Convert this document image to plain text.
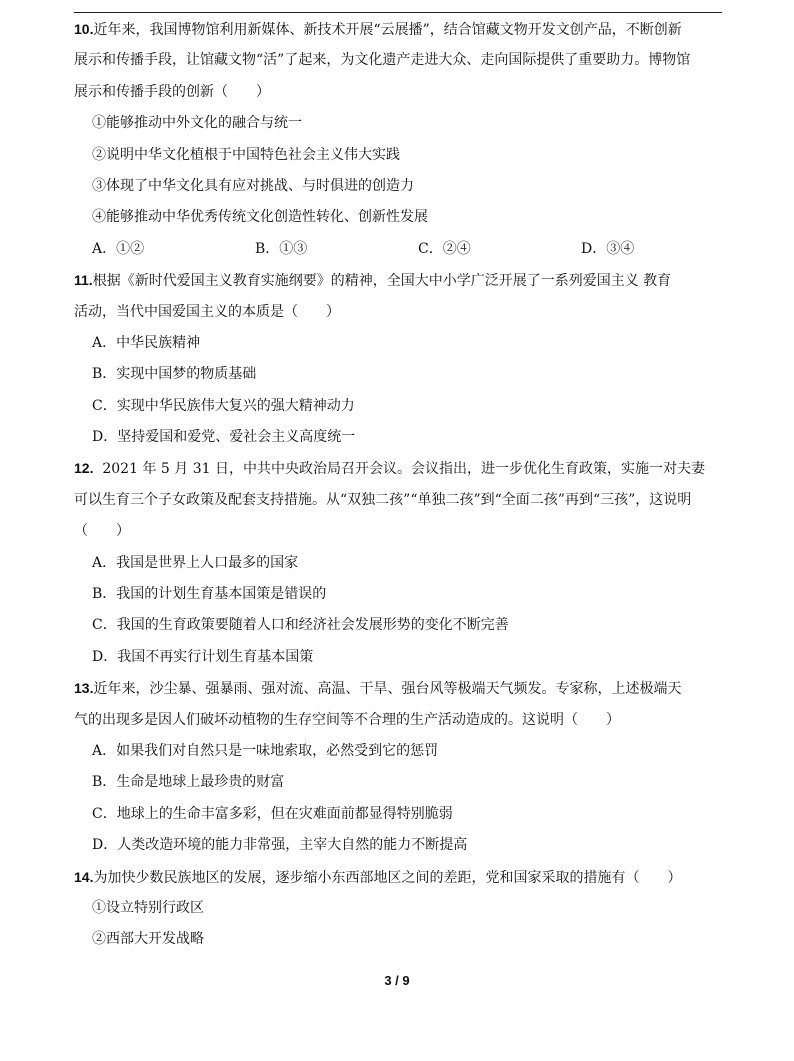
10.近年来，我国博物馆利用新媒体、新技术开展“云展播”，结合馆藏文物开发文创产品，不断创新
展示和传播手段，让馆藏文物“活”了起来，为文化遗产走进大众、走向国际提供了重要助力。博物馆
展示和传播手段的创新（　　）
①能够推动中外文化的融合与统一
②说明中华文化植根于中国特色社会主义伟大实践
③体现了中华文化具有应对挑战、与时俱进的创造力
④能够推动中华优秀传统文化创造性转化、创新性发展
A．①②	B．①③	C．②④	D．③④
11.根据《新时代爱国主义教育实施纲要》的精神，全国大中小学广泛开展了一系列爱国主义 教育
活动，当代中国爱国主义的本质是（　　）
A．中华民族精神
B．实现中国梦的物质基础
C．实现中华民族伟大复兴的强大精神动力
D．坚持爱国和爱党、爱社会主义高度统一
12.  2021 年 5 月 31 日，中共中央政治局召开会议。会议指出，进一步优化生育政策，实施一对夫妻
可以生育三个子女政策及配套支持措施。从“双独二孩”“单独二孩”到“全面二孩”再到“三孩”，这说明
（　　）
A．我国是世界上人口最多的国家
B．我国的计划生育基本国策是错误的
C．我国的生育政策要随着人口和经济社会发展形势的变化不断完善
D．我国不再实行计划生育基本国策
13.近年来，沙尘暴、强暴雨、强对流、高温、干旱、强台风等极端天气频发。专家称，上述极端天
气的出现多是因人们破坏动植物的生存空间等不合理的生产活动造成的。这说明（　　）
A．如果我们对自然只是一味地索取，必然受到它的惩罚
B．生命是地球上最珍贵的财富
C．地球上的生命丰富多彩，但在灾难面前都显得特别脆弱
D．人类改造环境的能力非常强，主宰大自然的能力不断提高
14.为加快少数民族地区的发展，逐步缩小东西部地区之间的差距，党和国家采取的措施有（　　）
①设立特别行政区
②西部大开发战略
3 / 9
